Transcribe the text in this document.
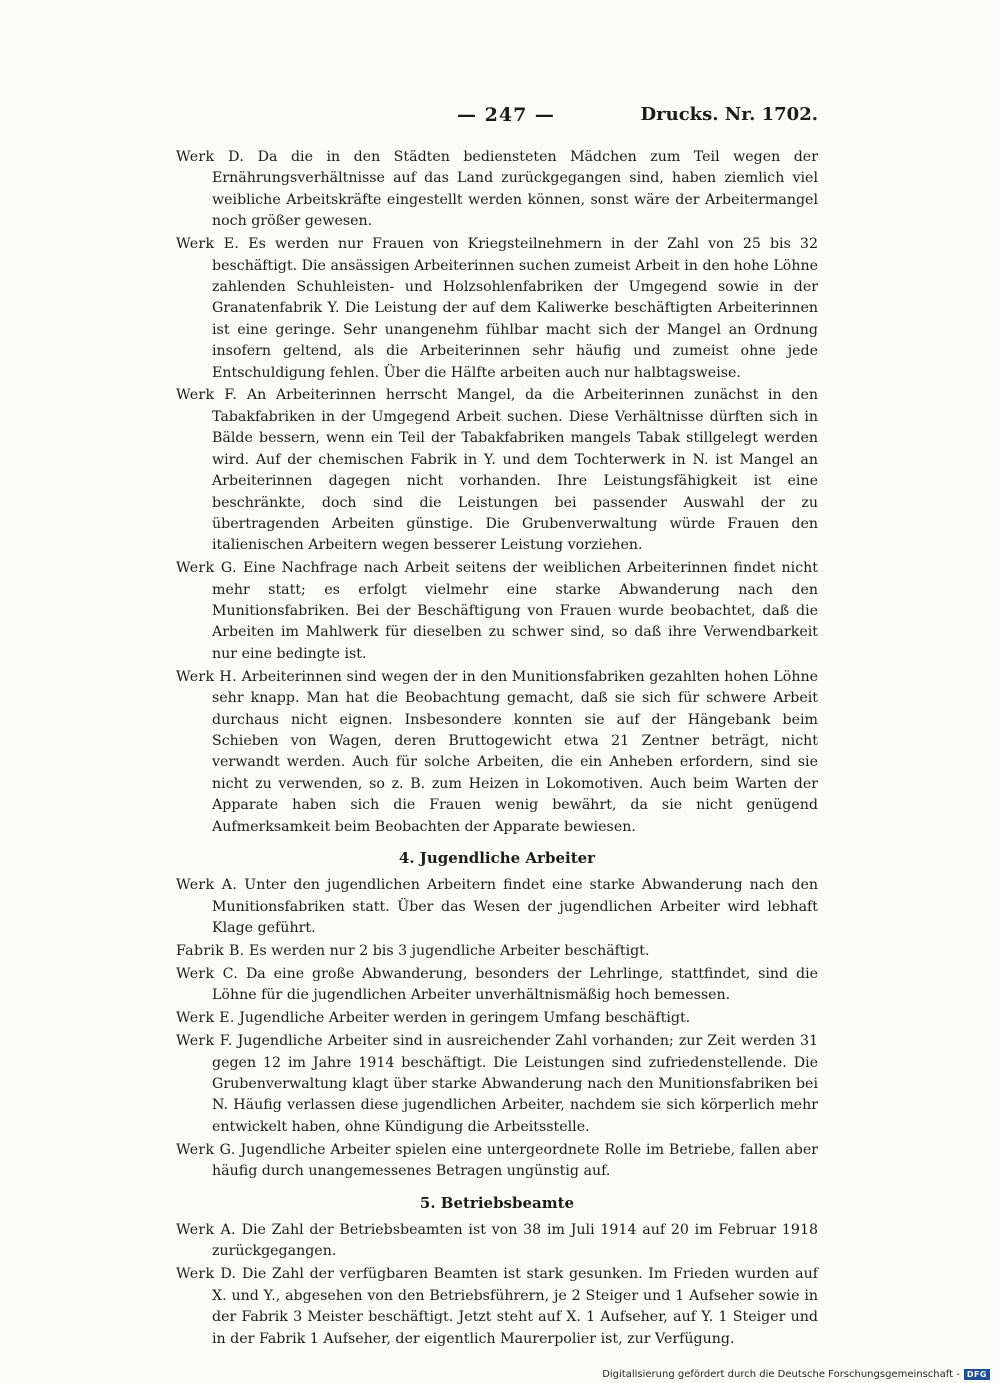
— 247 —	Drucks. Nr. 1702.
Werk D. Da die in den Städten bediensteten Mädchen zum Teil wegen der Ernährungsverhältnisse auf das Land zurückgegangen sind, haben ziemlich viel weibliche Arbeitskräfte eingestellt werden können, sonst wäre der Arbeitermangel noch größer gewesen.
Werk E. Es werden nur Frauen von Kriegsteilnehmern in der Zahl von 25 bis 32 beschäftigt. Die ansässigen Arbeiterinnen suchen zumeist Arbeit in den hohe Löhne zahlenden Schuhleisten- und Holzsohlenfabriken der Umgegend sowie in der Granatenfabrik Y. Die Leistung der auf dem Kaliwerke beschäftigten Arbeiterinnen ist eine geringe. Sehr unangenehm fühlbar macht sich der Mangel an Ordnung insofern geltend, als die Arbeiterinnen sehr häufig und zumeist ohne jede Entschuldigung fehlen. Über die Hälfte arbeiten auch nur halbtagsweise.
Werk F. An Arbeiterinnen herrscht Mangel, da die Arbeiterinnen zunächst in den Tabakfabriken in der Umgegend Arbeit suchen. Diese Verhältnisse dürften sich in Bälde bessern, wenn ein Teil der Tabakfabriken mangels Tabak stillgelegt werden wird. Auf der chemischen Fabrik in Y. und dem Tochterwerk in N. ist Mangel an Arbeiterinnen dagegen nicht vorhanden. Ihre Leistungsfähigkeit ist eine beschränkte, doch sind die Leistungen bei passender Auswahl der zu übertragenden Arbeiten günstige. Die Grubenverwaltung würde Frauen den italienischen Arbeitern wegen besserer Leistung vorziehen.
Werk G. Eine Nachfrage nach Arbeit seitens der weiblichen Arbeiterinnen findet nicht mehr statt; es erfolgt vielmehr eine starke Abwanderung nach den Munitionsfabriken. Bei der Beschäftigung von Frauen wurde beobachtet, daß die Arbeiten im Mahlwerk für dieselben zu schwer sind, so daß ihre Verwendbarkeit nur eine bedingte ist.
Werk H. Arbeiterinnen sind wegen der in den Munitionsfabriken gezahlten hohen Löhne sehr knapp. Man hat die Beobachtung gemacht, daß sie sich für schwere Arbeit durchaus nicht eignen. Insbesondere konnten sie auf der Hängebank beim Schieben von Wagen, deren Bruttogewicht etwa 21 Zentner beträgt, nicht verwandt werden. Auch für solche Arbeiten, die ein Anheben erfordern, sind sie nicht zu verwenden, so z. B. zum Heizen in Lokomotiven. Auch beim Warten der Apparate haben sich die Frauen wenig bewährt, da sie nicht genügend Aufmerksamkeit beim Beobachten der Apparate bewiesen.
4. Jugendliche Arbeiter
Werk A. Unter den jugendlichen Arbeitern findet eine starke Abwanderung nach den Munitionsfabriken statt. Über das Wesen der jugendlichen Arbeiter wird lebhaft Klage geführt.
Fabrik B. Es werden nur 2 bis 3 jugendliche Arbeiter beschäftigt.
Werk C. Da eine große Abwanderung, besonders der Lehrlinge, stattfindet, sind die Löhne für die jugendlichen Arbeiter unverhältnismäßig hoch bemessen.
Werk E. Jugendliche Arbeiter werden in geringem Umfang beschäftigt.
Werk F. Jugendliche Arbeiter sind in ausreichender Zahl vorhanden; zur Zeit werden 31 gegen 12 im Jahre 1914 beschäftigt. Die Leistungen sind zufriedenstellende. Die Grubenverwaltung klagt über starke Abwanderung nach den Munitionsfabriken bei N. Häufig verlassen diese jugendlichen Arbeiter, nachdem sie sich körperlich mehr entwickelt haben, ohne Kündigung die Arbeitsstelle.
Werk G. Jugendliche Arbeiter spielen eine untergeordnete Rolle im Betriebe, fallen aber häufig durch unangemessenes Betragen ungünstig auf.
5. Betriebsbeamte
Werk A. Die Zahl der Betriebsbeamten ist von 38 im Juli 1914 auf 20 im Februar 1918 zurückgegangen.
Werk D. Die Zahl der verfügbaren Beamten ist stark gesunken. Im Frieden wurden auf X. und Y., abgesehen von den Betriebsführern, je 2 Steiger und 1 Aufseher sowie in der Fabrik 3 Meister beschäftigt. Jetzt steht auf X. 1 Aufseher, auf Y. 1 Steiger und in der Fabrik 1 Aufseher, der eigentlich Maurerpolier ist, zur Verfügung.
Digitalisierung gefördert durch die Deutsche Forschungsgemeinschaft - DFG
